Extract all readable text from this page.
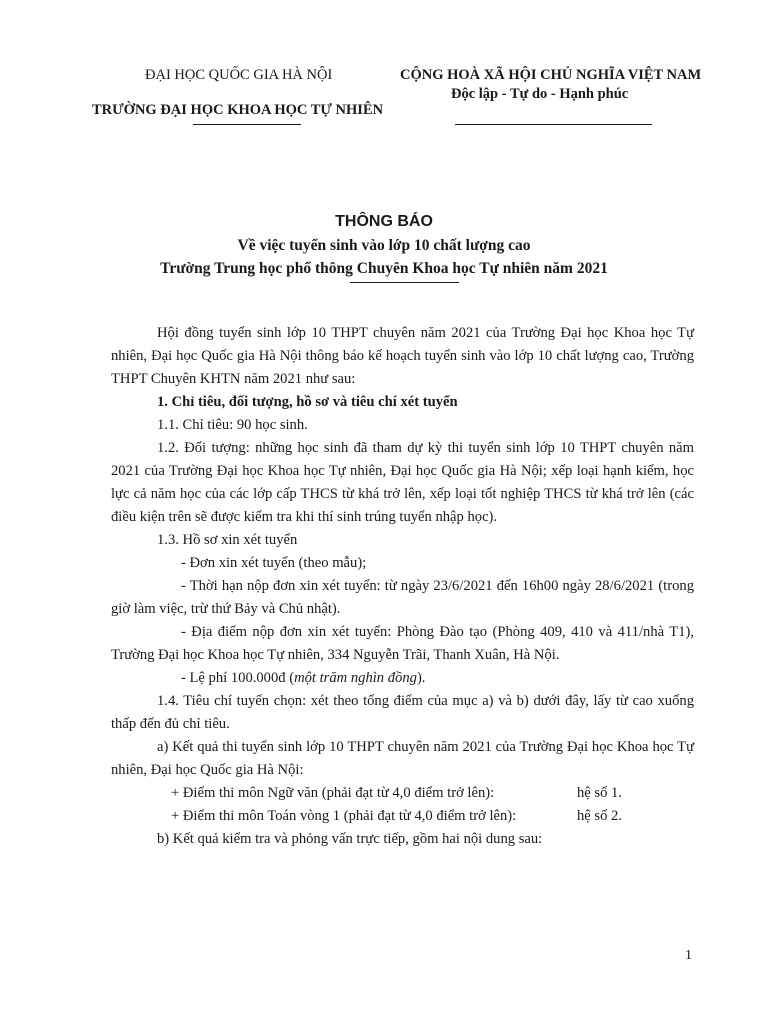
ĐẠI HỌC QUỐC GIA HÀ NỘI
TRƯỜNG ĐẠI HỌC KHOA HỌC TỰ NHIÊN
CỘNG HOÀ XÃ HỘI CHỦ NGHĨA VIỆT NAM
Độc lập - Tự do - Hạnh phúc
THÔNG BÁO
Về việc tuyển sinh vào lớp 10 chất lượng cao
Trường Trung học phổ thông Chuyên Khoa học Tự nhiên năm 2021

Hội đồng tuyển sinh lớp 10 THPT chuyên năm 2021 của Trường Đại học Khoa học Tự nhiên, Đại học Quốc gia Hà Nội thông báo kế hoạch tuyển sinh vào lớp 10 chất lượng cao, Trường THPT Chuyên KHTN năm 2021 như sau:

1. Chỉ tiêu, đối tượng, hồ sơ và tiêu chí xét tuyển

1.1. Chỉ tiêu: 90 học sinh.

1.2. Đối tượng: những học sinh đã tham dự kỳ thi tuyển sinh lớp 10 THPT chuyên năm 2021 của Trường Đại học Khoa học Tự nhiên, Đại học Quốc gia Hà Nội; xếp loại hạnh kiểm, học lực cả năm học của các lớp cấp THCS từ khá trở lên, xếp loại tốt nghiệp THCS từ khá trở lên (các điều kiện trên sẽ được kiểm tra khi thí sinh trúng tuyển nhập học).

1.3. Hồ sơ xin xét tuyển

- Đơn xin xét tuyển (theo mẫu);

- Thời hạn nộp đơn xin xét tuyển: từ ngày 23/6/2021 đến 16h00 ngày 28/6/2021 (trong giờ làm việc, trừ thứ Bảy và Chủ nhật).

- Địa điểm nộp đơn xin xét tuyển: Phòng Đào tạo (Phòng 409, 410 và 411/nhà T1), Trường Đại học Khoa học Tự nhiên, 334 Nguyễn Trãi, Thanh Xuân, Hà Nội.

- Lệ phí 100.000đ (một trăm nghìn đồng).

1.4. Tiêu chí tuyển chọn: xét theo tổng điểm của mục a) và b) dưới đây, lấy từ cao xuống thấp đến đủ chỉ tiêu.

a) Kết quả thi tuyển sinh lớp 10 THPT chuyên năm 2021 của Trường Đại học Khoa học Tự nhiên, Đại học Quốc gia Hà Nội:

+ Điểm thi môn Ngữ văn (phải đạt từ 4,0 điểm trở lên):	hệ số 1.
+ Điểm thi môn Toán vòng 1 (phải đạt từ 4,0 điểm trở lên):	hệ số 2.

b) Kết quả kiểm tra và phỏng vấn trực tiếp, gồm hai nội dung sau:

1
